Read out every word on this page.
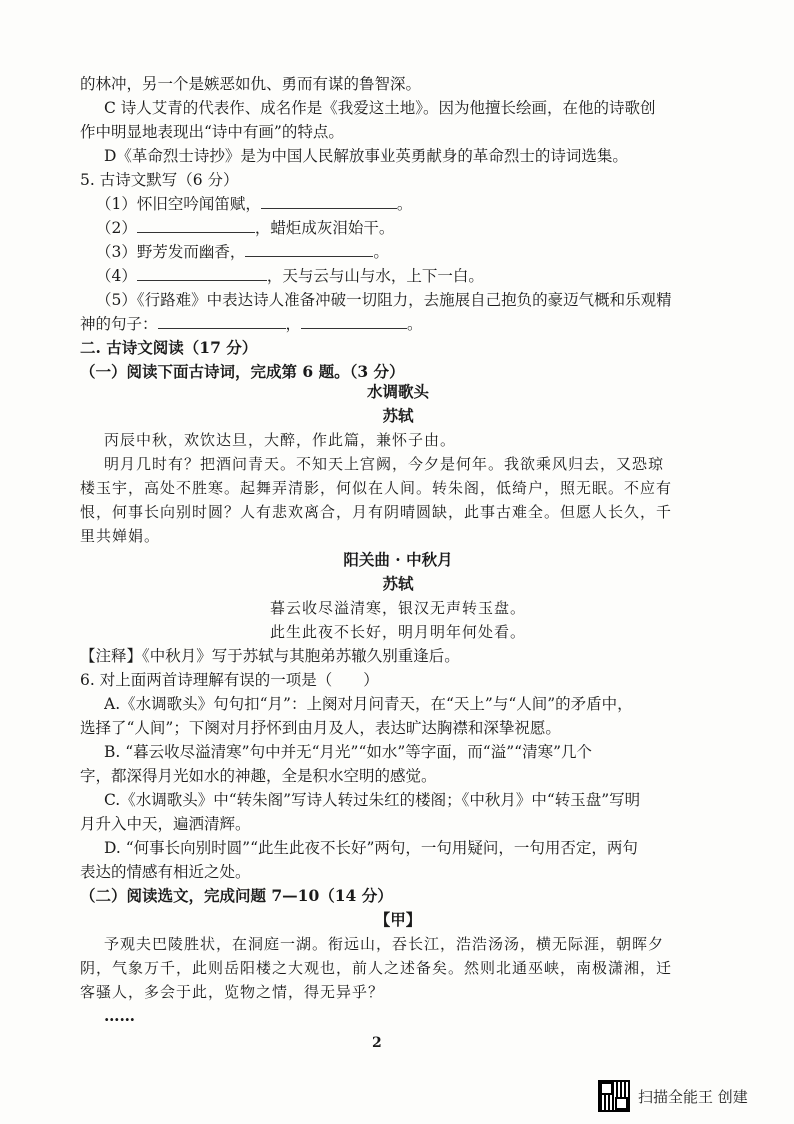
的林冲，另一个是嫉恶如仇、勇而有谋的鲁智深。
C 诗人艾青的代表作、成名作是《我爱这土地》。因为他擅长绘画，在他的诗歌创
作中明显地表现出“诗中有画”的特点。
D《革命烈士诗抄》是为中国人民解放事业英勇献身的革命烈士的诗词选集。
5. 古诗文默写（6 分）
（1）怀旧空吟闻笛赋，	。
（2）	，蜡炬成灰泪始干。
（3）野芳发而幽香，	。
（4）	，天与云与山与水，上下一白。
（5）《行路难》中表达诗人准备冲破一切阻力，去施展自己抱负的豪迈气概和乐观精
神的句子：	，	。
二. 古诗文阅读（17 分）
（一）阅读下面古诗词，完成第 6 题。（3 分）
水调歌头
苏轼
丙辰中秋，欢饮达旦，大醉，作此篇，兼怀子由。
明月几时有？把酒问青天。不知天上宫阙，今夕是何年。我欲乘风归去，又恐琼
楼玉宇，高处不胜寒。起舞弄清影，何似在人间。转朱阁，低绮户，照无眠。不应有
恨，何事长向别时圆？人有悲欢离合，月有阴晴圆缺，此事古难全。但愿人长久，千
里共婵娟。
阳关曲 · 中秋月
苏轼
暮云收尽溢清寒，银汉无声转玉盘。
此生此夜不长好，明月明年何处看。
【注释】《中秋月》写于苏轼与其胞弟苏辙久别重逢后。
6. 对上面两首诗理解有误的一项是（　　）
A.《水调歌头》句句扣“月”：上阕对月问青天，在“天上”与“人间”的矛盾中，
选择了“人间”；下阕对月抒怀到由月及人，表达旷达胸襟和深挚祝愿。
B. “暮云收尽溢清寒”句中并无“月光”“如水”等字面，而“溢”“清寒”几个
字，都深得月光如水的神趣，全是积水空明的感觉。
C.《水调歌头》中“转朱阁”写诗人转过朱红的楼阁；《中秋月》中“转玉盘”写明
月升入中天，遍洒清辉。
D. “何事长向别时圆”“此生此夜不长好”两句，一句用疑问，一句用否定，两句
表达的情感有相近之处。
（二）阅读选文，完成问题 7—10（14 分）
【甲】
予观夫巴陵胜状，在洞庭一湖。衔远山，吞长江，浩浩汤汤，横无际涯，朝晖夕
阴，气象万千，此则岳阳楼之大观也，前人之述备矣。然则北通巫峡，南极潇湘，迁
客骚人，多会于此，览物之情，得无异乎？
……
2
扫描全能王 创建
